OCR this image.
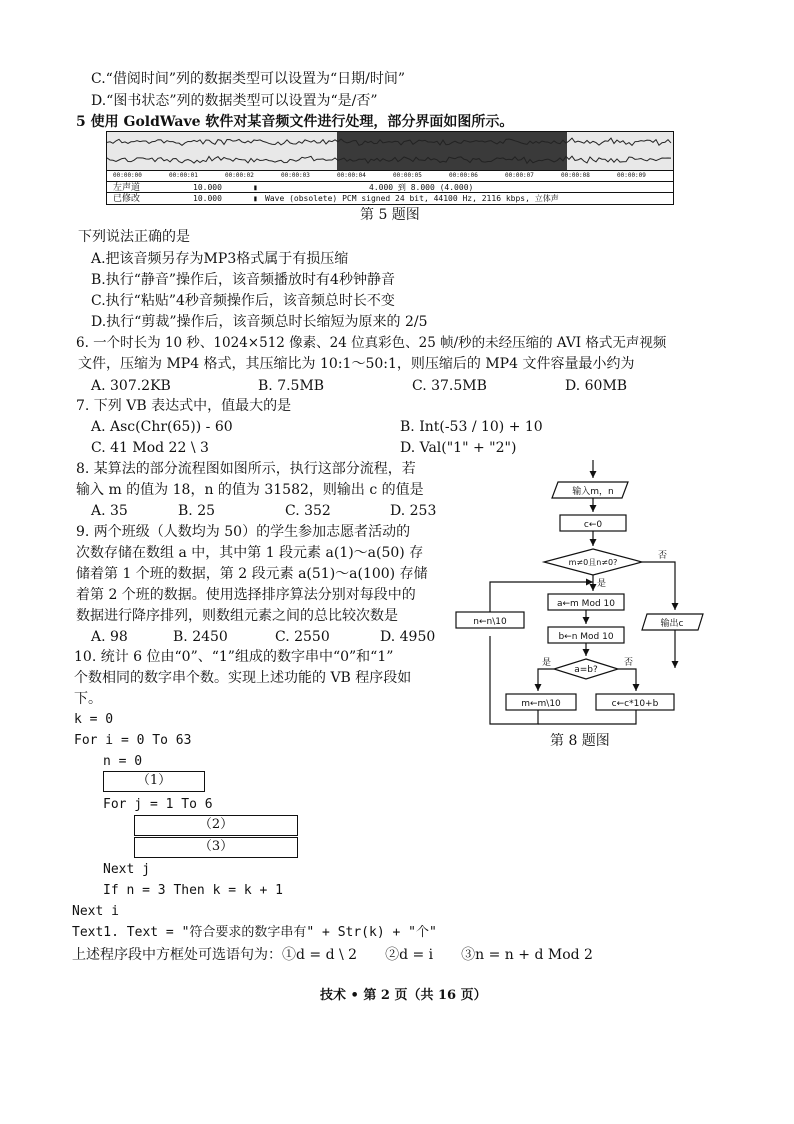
C.“借阅时间”列的数据类型可以设置为“日期/时间”
D.“图书状态”列的数据类型可以设置为“是/否”
5 使用 GoldWave 软件对某音频文件进行处理，部分界面如图所示。
00:00:00	00:00:01	00:00:02	00:00:03	00:00:04	00:00:05	00:00:06	00:00:07	00:00:08	00:00:09
左声道	10.000	▮	4.000 到 8.000 (4.000)
已修改	10.000	▮ Wave (obsolete) PCM signed 24 bit, 44100 Hz, 2116 kbps, 立体声
第 5 题图
下列说法正确的是
A.把该音频另存为MP3格式属于有损压缩
B.执行“静音”操作后，该音频播放时有4秒钟静音
C.执行“粘贴”4秒音频操作后，该音频总时长不变
D.执行“剪裁”操作后，该音频总时长缩短为原来的 2/5
6. 一个时长为 10 秒、1024×512 像素、24 位真彩色、25 帧/秒的未经压缩的 AVI 格式无声视频
文件，压缩为 MP4 格式，其压缩比为 10:1～50:1，则压缩后的 MP4 文件容量最小约为
A. 307.2KB	B. 7.5MB	C. 37.5MB	D. 60MB
7. 下列 VB 表达式中，值最大的是
A. Asc(Chr(65)) - 60	B. Int(-53 / 10) + 10
C. 41 Mod 22 \ 3	D. Val("1" + "2")
8. 某算法的部分流程图如图所示，执行这部分流程，若
输入 m 的值为 18，n 的值为 31582，则输出 c 的值是
A. 35	B. 25	C. 352	D. 253
9. 两个班级（人数均为 50）的学生参加志愿者活动的
次数存储在数组 a 中，其中第 1 段元素 a(1)～a(50) 存
储着第 1 个班的数据，第 2 段元素 a(51)～a(100) 存储
着第 2 个班的数据。使用选择排序算法分别对每段中的
数据进行降序排列，则数组元素之间的总比较次数是
A. 98	B. 2450	C. 2550	D. 4950
10. 统计 6 位由“0”、“1”组成的数字串中“0”和“1”
个数相同的数字串个数。实现上述功能的 VB 程序段如
下。
k = 0
For i = 0 To 63
n = 0
（1）
For j = 1 To 6
（2）
（3）
Next j
If n = 3 Then k = k + 1
Next i
Text1. Text = "符合要求的数字串有" + Str(k) + "个"
上述程序段中方框处可选语句为：①d = d \ 2　　②d = i　　③n = n + d Mod 2
输入m，n
c←0
m≠0且n≠0?
否
是
a←m Mod 10
b←n Mod 10
a=b?
是	否
m←m\10	c←c*10+b
n←n\10	输出c
第 8 题图
技术 • 第 2 页（共 16 页）
